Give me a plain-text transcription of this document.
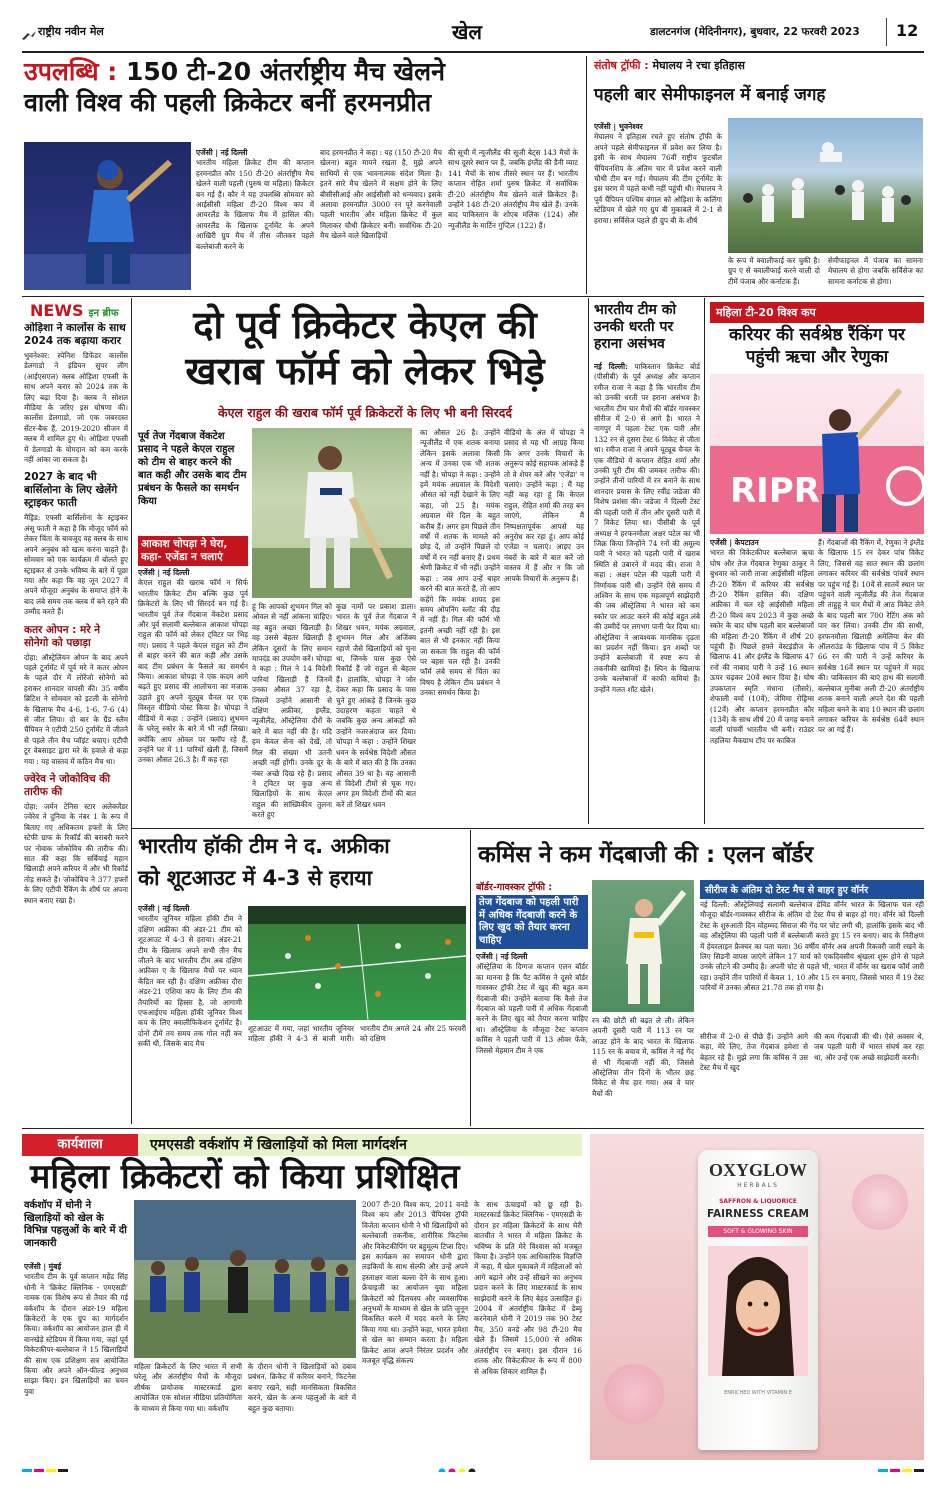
राष्ट्रीय नवीन मेल	खेल	डालटनगंज (मेदिनीनगर), बुधवार, 22 फरवरी 2023 12
उपलब्धि : 150 टी-20 अंतर्राष्ट्रीय मैच खेलने
वाली विश्व की पहली क्रिकेटर बनीं हरमनप्रीत
एजेंसी | नई दिल्ली
भारतीय महिला क्रिकेट टीम की कप्तान हरमनप्रीत कौर 150 टी-20 अंतर्राष्ट्रीय मैच खेलने वाली पहली (पुरुष या महिला) क्रिकेटर बन गई हैं। कौर ने यह उपलब्धि सोमवार को आईसीसी महिला टी-20 विश्व कप में आयरलैंड के खिलाफ मैच में हासिल की। आयरलैंड के खिलाफ टूर्नामेंट के अपने आखिरी ग्रुप मैच में तीस जीतकर पहले बल्लेबाजी करने के
बाद हरमनप्रीत ने कहा : यह (150 टी-20 मैच खेलना) बहुत मायने रखता है, मुझे अपने साथियों से एक भावनात्मक संदेश मिला है। इतने सारे मैच खेलने में सक्षम होने के लिए बीसीसीआई और आईसीसी को धन्यवाद। इसके अलावा हरमनप्रीत 3000 रन पूरे करनेवाली पहली भारतीय और महिला क्रिकेट में कुल मिलाकर चौथी क्रिकेटर बनीं। सर्वाधिक टी-20 मैच खेलने वाले खिलाड़ियों
की सूची में न्यूजीलैंड की सूजी बेट्स 143 मैचों के साथ दूसरे स्थान पर हैं, जबकि इंग्लैंड की डैनी व्याट 141 मैचों के साथ तीसरे स्थान पर हैं। भारतीय कप्तान रोहित शर्मा पुरुष क्रिकेट में सर्वाधिक टी-20 अंतर्राष्ट्रीय मैच खेलने वाले क्रिकेटर हैं। उन्होंने 148 टी-20 अंतर्राष्ट्रीय मैच खेले हैं। उनके बाद पाकिस्तान के शोएब मलिक (124) और न्यूजीलैंड के मार्टिन गुप्टिल (122) हैं।
संतोष ट्रॉफी : मेघालय ने रचा इतिहास
पहली बार सेमीफाइनल में बनाई जगह
एजेंसी | भुवनेश्वर
मेघालय ने इतिहास रचते हुए संतोष ट्रॉफी के अपने पहले सेमीफाइनल में प्रवेश कर लिया है। इसी के साथ मेघालय 76वीं राष्ट्रीय फुटबॉल चैंपियनशिप के अंतिम चार में प्रवेश करने वाली चौथी टीम बन गई। मेघालय की टीम टूर्नामेंट के इस चरण में पहले कभी नहीं पहुंची थी। मेघालय ने पूर्व चैंपियन पश्चिम बंगाल को ओड़िशा के कलिंगा स्टेडियम में खेले गए ग्रुप बी मुकाबले में 2-1 से हराया। सर्विसेज पहले ही ग्रुप बी के शीर्ष
के रूप में क्वालीफाई कर चुकी है। ग्रुप ए से क्वालीफाई करने वाली दो टीमें पंजाब और कर्नाटक हैं।
सेमीफाइनल में पंजाब का सामना मेघालय से होगा जबकि सर्विसेज का सामना कर्नाटक से होगा।
NEWS इन ब्रीफ
ओड़िशा ने कार्लोस के साथ 2024 तक बढ़ाया करार
भुवनेश्वर: स्पेनिश डिफेंडर कार्लोस डेलगाडो ने इंडियन सुपर लीग (आईएसएल) क्लब ओड़िशा एफसी के साथ अपने करार को 2024 तक के लिए बढ़ा दिया है। क्लब ने सोशल मीडिया के जरिए इस घोषणा की। कार्लोस डेलगाडो, जो एक जबरदस्त सेंटर-बैक हैं, 2019-2020 सीजन में क्लब में शामिल हुए थे। ओड़िशा एफसी में डेलगाडो के योगदान को कम करके नहीं आंका जा सकता है।
2027 के बाद भी बार्सिलोना के लिए खेलेंगे स्ट्राइकर फाती
मैड्रिड: एफसी बार्सिलोना के स्ट्राइकर अंसू फाती ने कहा है कि मौजूद फॉर्म को लेकर चिंता के बावजूद वह क्लब के साथ अपने अनुबंध को खत्म करना चाहते हैं। सोमवार को एक कार्यक्रम में बोलते हुए स्ट्राइकर से उनके भविष्य के बारे में पूछा गया और कहा कि वह जून 2027 में अपने मौजूदा अनुबंध के समाप्त होने के बाद लंबे समय तक क्लब में बने रहने की उम्मीद करते हैं।
कतर ओपन : मरे ने सोनेगो को पछाड़ा
दोहा: ऑस्ट्रेलियन ओपन के बाद अपने पहले टूर्नामेंट में पूर्व मरे ने कतर ओपन के पहले दौर में लोरेंजो सोनेगो को हराकर शानदार वापसी की। 35 वर्षीय ब्रिटिश ने सोमवार को इटली के सोनेगो के खिलाफ मैच 4-6, 1-6, 7-6 (4) से जीत लिया। दो बार के ग्रैंड स्लैम चैंपियन ने एटीपी 250 टूर्नामेंट में जीतने से पहले तीन मैच प्वॉइंट बचाए। एटीपी टूर वेबसाइट द्वारा मरे के हवाले से कहा गया : यह वास्तव में कठिन मैच था।
ज्वेरेव ने जोकोविच की तारीफ की
दोहा: जर्मन टेनिस स्टार अलेक्जेंडर ज्वेरेव ने दुनिया के नंबर 1 के रूप में बिताए गए अधिकतम हफ्तों के लिए स्टेफी ग्राफ के रिकॉर्ड की बराबरी करने पर नोवाक जोकोविच की तारीफ की। सात की कहा कि सर्बियाई महान खिलाड़ी अपने करियर में और भी रिकॉर्ड तोड़ सकते हैं। जोकोविच ने 377 हफ्तों के लिए एटीपी रैंकिंग के शीर्ष पर अपना स्थान बनाए रखा है।
दो पूर्व क्रिकेटर केएल की
खराब फॉर्म को लेकर भिड़े
केएल राहुल की खराब फॉर्म पूर्व क्रिकेटरों के लिए भी बनी सिरदर्द
पूर्व तेज गेंदबाज वेंकटेश प्रसाद ने पहले केएल राहुल को टीम से बाहर करने की बात कही और उसके बाद टीम प्रबंधन के फैसले का समर्थन किया
आकाश चोपड़ा ने घेरा, कहा- एजेंडा न चलाएं
एजेंसी | नई दिल्ली
केएल राहुल की खराब फॉर्म न सिर्फ भारतीय क्रिकेट टीम बल्कि कुछ पूर्व क्रिकेटरों के लिए भी सिरदर्द बन गई है। भारतीय पूर्व तेज गेंदबाज वेंकटेश प्रसाद और पूर्व सलामी बल्लेबाज आकाश चोपड़ा राहुल की फॉर्म को लेकर ट्विटर पर भिड़ गए। प्रसाद ने पहले केएल राहुल को टीम से बाहर करने की बात कही और उसके बाद टीम प्रबंधन के फैसले का समर्थन किया। आकाश चोपड़ा ने एक कदम आगे बढ़ते हुए प्रसाद की आलोचना का मजाक उड़ाते हुए अपने यूट्यूब चैनल पर एक विस्तृत वीडियो पोस्ट किया है। चोपड़ा ने वीडियो में कहा : उन्होंने (प्रसाद) शुभमन के घरेलू स्कोर के बारे में भी नहीं लिखा। क्योंकि आप ओवल पर फ्लॉप रहे हैं, उन्होंने घर में 11 पारियों खेली हैं, जिसमें उनका औसत 26.3 है। मैं कह रहा
हूं कि आपको शुभमन गिल को ओवल से नहीं आंकना चाहिए। वह बहुत अच्छा खिलाड़ी है। वह उससे बेहतर खिलाड़ी है लेकिन दूसरों के लिए समान मापदंड का उपयोग करें। चोपड़ा ने कहा : गिल ने 14 विदेशी पारियां खिलाड़ी हैं जिनमें उनका औसत 37 रहा है, जिसमें उन्होंने आसानी से दक्षिण अफ्रीका, इंग्लैंड, न्यूजीलैंड, ऑस्ट्रेलिया दौरों के बारे में बात नहीं की है। यदि हम केवल सेना को देखें, तो गिल की संख्या भी उतनी अच्छी नहीं होंगी। उनके दूर के नंबर अच्छे दिख रहे हैं। प्रसाद ने ट्विटर पर कुछ अन्य खिलाड़ियों के साथ केएल राहुल की सांख्यिकीय तुलना करते हुए
कुछ नामों पर प्रकाश डाला। भारत के पूर्व तेज गेंदबाज ने शिखर धवन, मयंक अग्रवाल, शुभमन गिल और अजिंक्य रहाणे जैसे खिलाड़ियों को चुना था, जिनके पास कुछ ऐसे रिकॉर्ड हैं जो राहुल से बेहतर हैं। हालांकि, चोपड़ा ने जोर देकर कहा कि प्रसाद के पास चुने हुए आंकड़े हैं जिनके कुछ उदाहरण कहता चाहते थे जबकि कुछ अन्य आंकड़ों को उन्होंने नजरअंदाज कर दिया। चोपड़ा ने कहा : उन्होंने शिखर धवन के सर्वश्रेष्ठ विदेशी औसत के बारे में बात की है कि उनका औसत 39 था है। वह आसानी से विदेशी टीमों से चूक गए। अगर हम विदेशी टीमों की बात करें तो शिखर धवन
का औसत 26 है। उन्होंने न्यूजीलैंड में एक शतक बनाया लेकिन इसके अलावा किसी अन्य में उनका एक भी शतक नहीं है। चोपड़ा ने कहा : उन्होंने हमें मयंक अग्रवाल के विदेशी औसत को नहीं देखाने के लिए कहा, जो 25 है। मयंक अग्रवाल मेरे दिल के बहुत करीब हैं। अगर हम पिछले तीन वर्षों में शतक के मामले को छोड़ दें, तो उन्होंने पिछले दो वर्षों में रन नहीं बनाए हैं। प्रथम श्रेणी क्रिकेट में भी नहीं। उन्होंने कहा : जब आप उन्हें बाहर करने की बात करते हैं, तो आप कहेंगे कि मयंक शायद इस समय ओपनिंग स्लॉट की दौड़ में नहीं हैं। गिल की फॉर्म भी इतनी अच्छी नहीं रही है। इस बात से भी इनकार नहीं किया जा सकता कि राहुल की फॉर्म पर बहस चल रही है। उनकी फॉर्म लंबे समय से चिंता का विषय है लेकिन टीम प्रबंधन ने उनका समर्थन किया है।
वीडियो के अंत में चोपड़ा ने प्रसाद से यह भी आग्रह किया कि अगर उनके विचारों के अनुरूप कोई सहायक आंकड़े हैं तो वे शेयर करें और 'एजेंडा' न चलाएं। उन्होंने कहा : मैं यह नहीं कह रहा हूं कि केएल राहुल, रोहित शर्मा की तरह बन जाएंगे, लेकिन मैं निष्पक्षतापूर्वक आपसे यह अनुरोध कर रहा हूं। आप कोई एजेंडा न चलाएं। आइए उन नंबरों के बारे में बात करें जो वास्तव में हैं और न कि जो आपके विचारों के अनुरूप हैं।
भारतीय टीम को उनकी धरती पर हराना असंभव
नई दिल्ली: पाकिस्तान क्रिकेट बोर्ड (पीसीबी) के पूर्व अध्यक्ष और कप्तान रमीज राजा ने कहा है कि भारतीय टीम को उनकी धरती पर हराना असंभव है। भारतीय टीम चार मैचों की बॉर्डर गावस्कर सीरीज में 2-0 से आगे है। भारत ने नागपुर में पहला टेस्ट एक पारी और 132 रन से दूसरा टेस्ट 6 विकेट से जीता था। रमीज राजा ने अपने यूट्यूब चैनल के एक वीडियो में कप्तान रोहित शर्मा और उनकी पूरी टीम की जमकर तारीफ की। उन्होंने तीनों पारियों में रन बनाने के साथ शानदार प्रयास के लिए रवींद्र जडेजा की विशेष प्रशंसा की। जडेजा ने दिल्ली टेस्ट की पहली पारी में तीन और दूसरी पारी में 7 विकेट लिया था। पीसीबी के पूर्व अध्यक्ष ने हरफनमौला अक्षर पटेल का भी जिक्र किया जिन्होंने 74 रनों की अमूल्य पारी ने भारत को पहली पारी में खराब स्थिति से उबारने में मदद की। राजा ने कहा : अक्षर पटेल की पहली पारी में निर्णायक पारी थी। उन्होंने ऐसे समय में अश्विन के साथ एक महत्वपूर्ण साझेदारी की जब ऑस्ट्रेलिया ने भारत को कम स्कोर पर आउट करने की कोई बहुत लंबे की उम्मीदें पर लगभग पानी फेर दिया था। ऑस्ट्रेलिया ने आवश्यक मानसिक दृढ़ता का प्रदर्शन नहीं किया। इन शब्दों पर उन्होंने बल्लेबाजी में स्पष्ट रूप से तकनीकी खामियां हैं। स्पिन के खिलाफ उनके बल्लेबाजों में काफी कमियां हैं। उन्होंने गलत शॉट खेले।
महिला टी-20 विश्व कप
करियर की सर्वश्रेष्ठ रैंकिंग पर पहुंची ऋचा और रेणुका
RIPR
एजेंसी | केपटाउन
भारत की विकेटकीपर बल्लेबाज ऋचा घोष और तेज गेंदबाज रेणुका ठाकुर ने बुधवार को जारी ताजा आईसीसी महिला टी-20 रैंकिंग में करियर की सर्वश्रेष्ठ टी-20 रैंकिंग हासिल की। दक्षिण अफ्रीका में चल रहे आईसीसी महिला टी-20 विश्व कप 2023 में कुछ अच्छे स्कोर के बाद घोष पहली बार बल्लेबाजों की महिला टी-20 रैंकिंग में शीर्ष 20 पहुंची हैं। पिछले हफ्ते वेस्टइंडीज के खिलाफ 41 और इंग्लैंड के खिलाफ 47 रनों की नाबाद पारी ने उन्हें 16 स्थान ऊपर चढ़कर 20वें स्थान दिया है। घोष उपकप्तान स्मृति मंधाना (तीसरे), शेफाली वर्मा (10वें), जेमिमा रोड्रिग्स (12वें) और कप्तान हरमनप्रीत कौर (13वें) के साथ शीर्ष 20 में जगह बनाने वाली पांचवीं भारतीय भी बनी। राउंडर तहलिया मैकग्राथ टॉप पर काबिज
हैं। गेंदबाजों की रैंकिंग में, रेणुका ने इंग्लैंड के खिलाफ 15 रन देकर पांच विकेट लिए, जिससे वह सात स्थान की छलांग लगाकर करियर की सर्वश्रेष्ठ पांचवें स्थान पर पहुंच गई हैं। 10वें से सातवें स्थान पर पहुंचने वाली न्यूजीलैंड की तेज गेंदबाज ली ताहुहू ने चार मैचों में आठ विकेट लेने के बाद पहली बार 700 रेटिंग अंक को पार कर लिया। उनकी टीम की साथी, हरफनमौला खिलाड़ी अमेलिया केर की ऑलराउंड के खिलाफ पांच में 5 विकेट 66 रन की पारी ने उन्हें करियर के सर्वश्रेष्ठ 16वें स्थान पर पहुंचने में मदद की। पाकिस्तान की बाएं हाथ की सलामी बल्लेबाज मुनीबा अली टी-20 अंतर्राष्ट्रीय शतक बनाने वाली अपने देश की पहली महिला बनने के बाद 10 स्थान की छलांग लगाकर करियर के सर्वश्रेष्ठ 64वें स्थान पर आ गई हैं।
भारतीय हॉकी टीम ने द. अफ्रीका
को शूटआउट में 4-3 से हराया
एजेंसी | नई दिल्ली
भारतीय जूनियर महिला हॉकी टीम ने दक्षिण अफ्रीका की अंडर-21 टीम को शूटआउट में 4-3 से हराया। अंडर-21 टीम के खिलाफ अपने सभी तीन मैच जीतने के बाद भारतीय टीम अब दक्षिण अफ्रीका ए के खिलाफ मैचों पर ध्यान केंद्रित कर रही है। दक्षिण अफ्रीका दौरा अंडर-21 एशिया कप के लिए टीम की तैयारियों का हिस्सा है, जो आगामी एफआईएच महिला हॉकी जूनियर विश्व कप के लिए क्वालीफिकेशन टूर्नामेंट है। दोनों टीमें तय समय तक गोल नहीं कर सकीं थी, जिसके बाद मैच
शूटआउट में गया, जहां भारतीय जूनियर महिला हॉकी ने 4-3 से बाजी मारी। भारतीय टीम अगले 24 और 25 फरवरी को दक्षिण
कमिंस ने कम गेंदबाजी की : एलन बॉर्डर
बॉर्डर-गावस्कर ट्रॉफी :
तेज गेंदबाज को पहली पारी में अधिक गेंदबाजी करने के लिए खुद को तैयार करना चाहिए
एजेंसी | नई दिल्ली
ऑस्ट्रेलिया के दिग्गज कप्तान एलन बॉर्डर का मानना है कि पैट कमिंस ने दूसरे बॉर्डर गावस्कर ट्रॉफी टेस्ट में खुद की बहुत कम गेंदबाजी की। उन्होंने बताया कि कैसे तेज गेंदबाज को पहली पारी में अधिक गेंदबाजी करने के लिए खुद को तैयार करना चाहिए था। ऑस्ट्रेलिया के मौजूदा टेस्ट कप्तान कमिंस ने पहली पारी में 13 ओवर फेंके, जिससे मेहमान टीम ने एक
रन की छोटी सी बढ़त ले ली। लेकिन अपनी दूसरी पारी में 113 रन पर आउट होने के बाद भारत के खिलाफ 115 रन के बचाव में, कमिंस ने नई गेंद से भी गेंदबाजी नहीं की, जिससे ऑस्ट्रेलिया तीन दिनों के भीतर छह विकेट से मैच हार गया। अब वे चार मैचों की
सीरीज के अंतिम दो टेस्ट मैच से बाहर हुए वॉर्नर
नई दिल्ली: ऑस्ट्रेलियाई सलामी बल्लेबाज डेविड वॉर्नर भारत के खिलाफ चल रही मौजूदा बॉर्डर-गावस्कर सीरीज के अंतिम दो टेस्ट मैच से बाहर हो गए। वॉर्नर को दिल्ली टेस्ट के शुरुआती दिन मोहम्मद सिराज की गेंद पर चोट लगी थी, हालांकि इसके बाद भी वह ऑस्ट्रेलिया की पहली पारी में बल्लेबाजी करते हुए 15 रन बनाए। बाद के निरीक्षण में हेयरलाइन फ्रैक्चर का पता चला। 36 वर्षीय वॉर्नर अब अपनी रिकवरी जारी रखने के लिए सिडनी वापस जाएंगे लेकिन 17 मार्च को एकदिवसीय श्रृंखला शुरू होने से पहले उनके लौटने की उम्मीद है। अपनी चोट से पहले भी, भारत में वॉर्नर का खराब फॉर्म जारी रहा। उन्होंने तीन पारियों में केवल 1, 10 और 15 रन बनाए, जिससे भारत में 19 टेस्ट पारियों में उनका औसत 21.78 तक हो गया है।
सीरीज में 2-0 से पीछे हैं। उन्होंने आगे कहा, मेरे लिए, तेज गेंदबाज हमेशा से बेहतर रहे हैं। मुझे लगा कि कमिंस ने उस टेस्ट मैच में खुद
की कम गेंदबाजी की थी। ऐसे अवसर थे, जब पहली पारी में भारत संघर्ष कर रहा था, और उन्हें एक अच्छे साझेदारी करनी।
कार्यशाला	एमएसडी वर्कशॉप में खिलाड़ियों को मिला मार्गदर्शन
महिला क्रिकेटरों को किया प्रशिक्षित
वर्कशॉप में धोनी ने खिलाड़ियों को खेल के विभिन्न पहलुओं के बारे में दी जानकारी
एजेंसी | मुंबई
भारतीय टीम के पूर्व कप्तान महेंद्र सिंह धोनी ने 'क्रिकेट क्लिनिक - एमएसडी' नामक एक विशेष रूप से तैयार की गई वर्कशॉप के दौरान अंडर-19 महिला क्रिकेटरों के एक ग्रुप का मार्गदर्शन किया। वर्कशॉप का आयोजन हाल ही में वानखेड़े स्टेडियम में किया गया, जहां पूर्व विकेटकीपर-बल्लेबाज ने 15 खिलाड़ियों की साथ एक प्रशिक्षण सत्र आयोजित किया और अपने ऑन-फील्ड अनुभव साझा किए। इन खिलाड़ियों का चयन युवा
महिला क्रिकेटरों के लिए भारत में सभी घरेलू और अंतर्राष्ट्रीय मैचों के मौजूदा शीर्षक प्रायोजक मास्टरकार्ड द्वारा आयोजित एक सोशल मीडिया प्रतियोगिता के माध्यम से किया गया था। वर्कशॉप
के दौरान धोनी ने खिलाड़ियों को दबाव प्रबंधन, क्रिकेट में करियर बनाने, फिटनेस बनाए रखने, सही मानसिकता विकसित करने, खेल के अन्य पहलुओं के बारे में बहुत कुछ बताया।
2007 टी-20 विश्व कप, 2011 वनडे विश्व कप और 2013 चैंपियंस ट्रॉफी विजेता कप्तान धोनी ने भी खिलाड़ियों को बल्लेबाजी तकनीक, शारीरिक फिटनेस और विकेटकीपिंग पर बहुमूल्य टिप्स दिए। इस कार्यक्रम का समापन धोनी द्वारा लड़कियों के साथ सेल्फी और उन्हें अपने हस्ताक्षर वाला बल्ला देने के साथ हुआ। फ्रेंचाइजी का आयोजन युवा महिला क्रिकेटरों को दिलचस्प और व्यवसायिक अनुभवों के माध्यम से खेल के प्रति जुनून विकसित करने में मदद करने के लिए किया गया था। उन्होंने कहा, भारत हमेशा से खेल का सम्मान करता है। महिला क्रिकेट आज अपने निरंतर प्रदर्शन और मजबूत वृद्धि संकल्प
के साथ ऊंचाइयों को छू रही है। मास्टरकार्ड क्रिकेट क्लिनिक - एमएसडी के दौरान हर महिला क्रिकेटरों के साथ मेरी बातचीत ने भारत में महिला क्रिकेट के भविष्य के प्रति मेरे विश्वास को मजबूत किया है। उन्होंने एक आधिकारिक विज्ञप्ति में कहा, मैं खेल मुकाबले में महिलाओं को आगे बढ़ाने और उन्हें सीखने का अनुभव प्रदान करने के लिए मास्टरकार्ड के साथ साझेदारी करने के लिए बेहद उत्साहित हूं। 2004 में अंतर्राष्ट्रीय क्रिकेट में डेब्यू करनेवाले धोनी ने 2019 तक 90 टेस्ट मैच, 350 वनडे और 98 टी-20 मैच खेले हैं। जिसमें 15,000 से अधिक अंतर्राष्ट्रीय रन बनाए। इस दौरान 16 शतक और विकेटकीपर के रूप में 800 से अधिक शिकार शामिल हैं।
OXYGLOW
HERBALS
SAFFRON & LIQUORICE
FAIRNESS CREAM
SOFT & GLOWING SKIN
ENRICHED WITH VITAMIN E
